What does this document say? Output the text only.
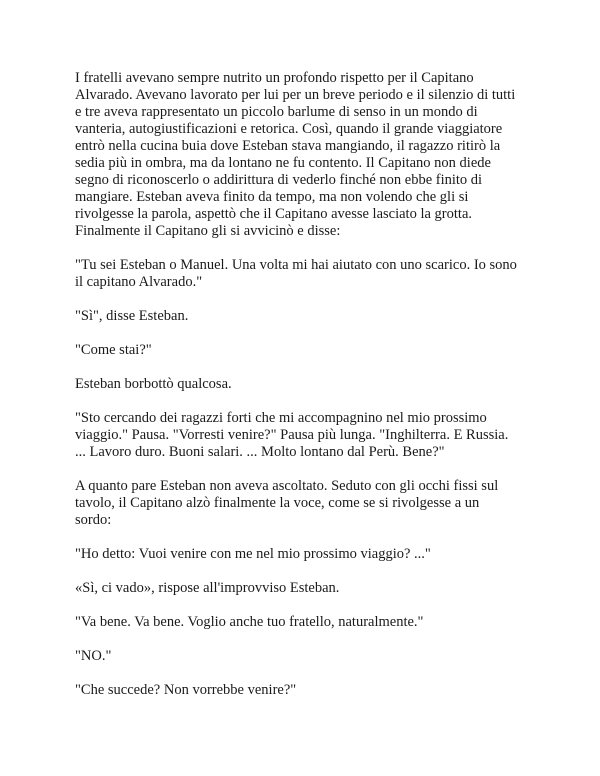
I fratelli avevano sempre nutrito un profondo rispetto per il Capitano
Alvarado. Avevano lavorato per lui per un breve periodo e il silenzio di tutti
e tre aveva rappresentato un piccolo barlume di senso in un mondo di
vanteria, autogiustificazioni e retorica. Così, quando il grande viaggiatore
entrò nella cucina buia dove Esteban stava mangiando, il ragazzo ritirò la
sedia più in ombra, ma da lontano ne fu contento. Il Capitano non diede
segno di riconoscerlo o addirittura di vederlo finché non ebbe finito di
mangiare. Esteban aveva finito da tempo, ma non volendo che gli si
rivolgesse la parola, aspettò che il Capitano avesse lasciato la grotta.
Finalmente il Capitano gli si avvicinò e disse:

"Tu sei Esteban o Manuel. Una volta mi hai aiutato con uno scarico. Io sono
il capitano Alvarado."

"Sì", disse Esteban.

"Come stai?"

Esteban borbottò qualcosa.

"Sto cercando dei ragazzi forti che mi accompagnino nel mio prossimo
viaggio." Pausa. "Vorresti venire?" Pausa più lunga. "Inghilterra. E Russia.
... Lavoro duro. Buoni salari. ... Molto lontano dal Perù. Bene?"

A quanto pare Esteban non aveva ascoltato. Seduto con gli occhi fissi sul
tavolo, il Capitano alzò finalmente la voce, come se si rivolgesse a un
sordo:

"Ho detto: Vuoi venire con me nel mio prossimo viaggio? ..."

«Sì, ci vado», rispose all'improvviso Esteban.

"Va bene. Va bene. Voglio anche tuo fratello, naturalmente."

"NO."

"Che succede? Non vorrebbe venire?"
